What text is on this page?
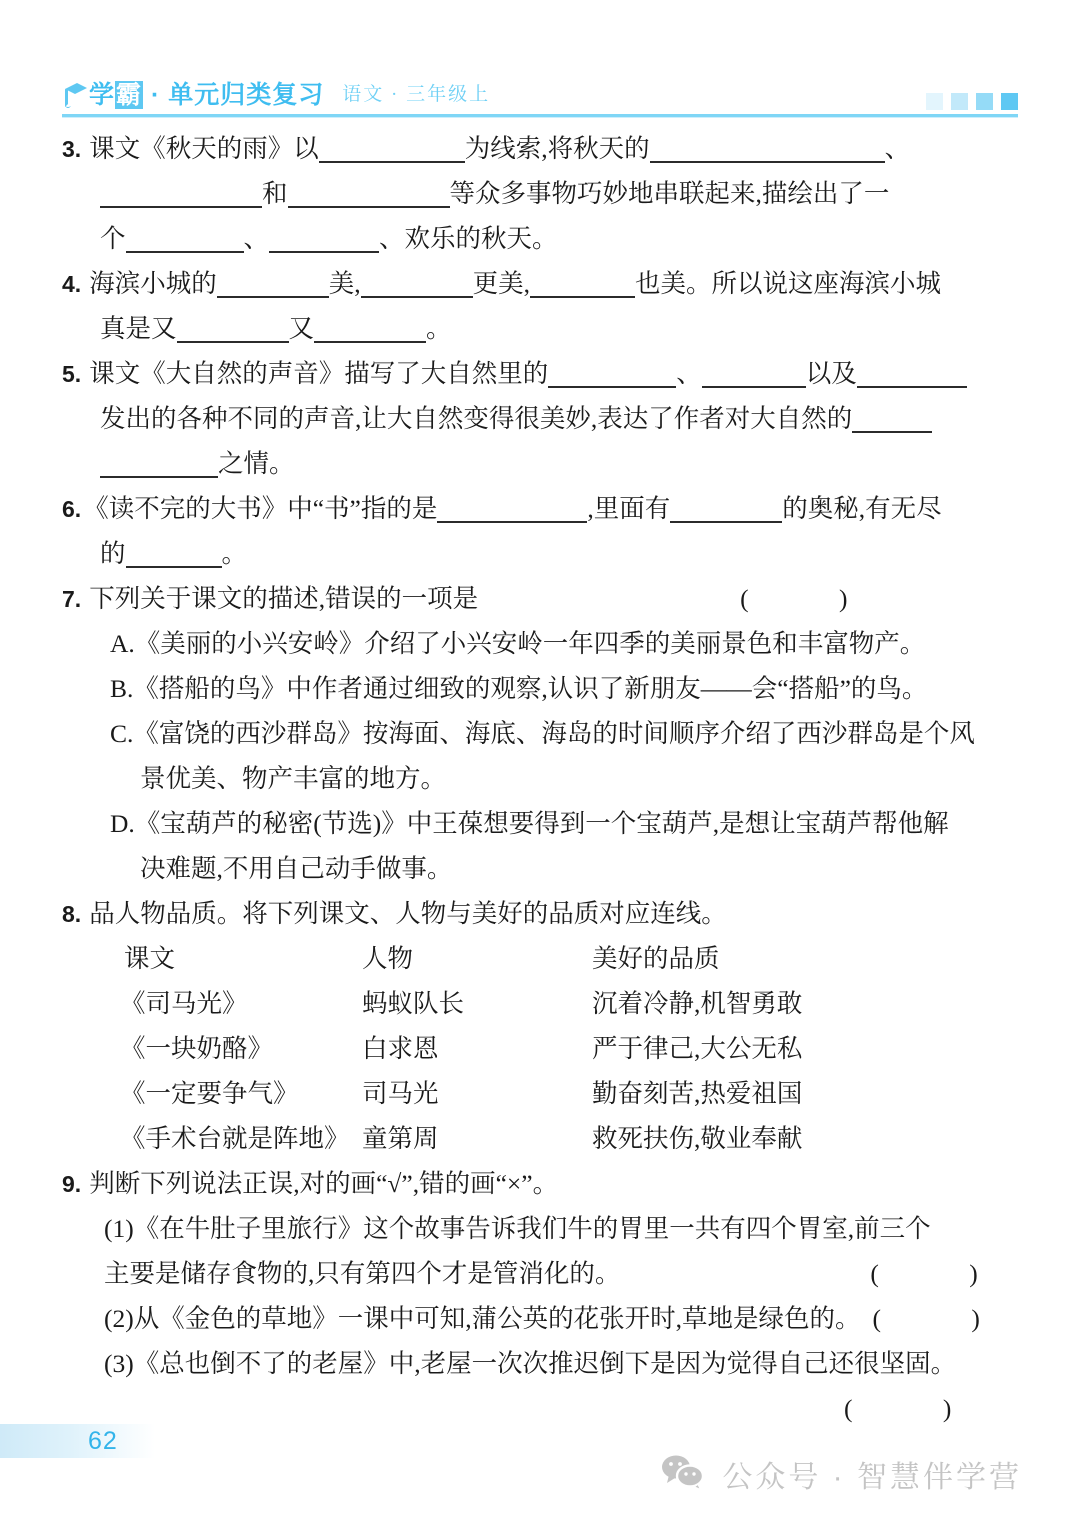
学霸 · 单元归类复习 语文 · 三年级上
3. 课文《秋天的雨》以	为线索,将秋天的	、
和	等众多事物巧妙地串联起来,描绘出了一
个	、	、欢乐的秋天。
4. 海滨小城的	美,	更美,	也美。所以说这座海滨小城
真是又	又	。
5. 课文《大自然的声音》描写了大自然里的	、	以及
发出的各种不同的声音,让大自然变得很美妙,表达了作者对大自然的
之情。
6.《读不完的大书》中“书”指的是	,里面有	的奥秘,有无尽
的	。
7. 下列关于课文的描述,错误的一项是	( )
A.《美丽的小兴安岭》介绍了小兴安岭一年四季的美丽景色和丰富物产。
B.《搭船的鸟》中作者通过细致的观察,认识了新朋友——会“搭船”的鸟。
C.《富饶的西沙群岛》按海面、海底、海岛的时间顺序介绍了西沙群岛是个风
景优美、物产丰富的地方。
D.《宝葫芦的秘密(节选)》中王葆想要得到一个宝葫芦,是想让宝葫芦帮他解
决难题,不用自己动手做事。
8. 品人物品质。将下列课文、人物与美好的品质对应连线。
课文	人物	美好的品质
《司马光》	蚂蚁队长	沉着冷静,机智勇敢
《一块奶酪》	白求恩	严于律己,大公无私
《一定要争气》	司马光	勤奋刻苦,热爱祖国
《手术台就是阵地》 童第周	救死扶伤,敬业奉献
9. 判断下列说法正误,对的画“√”,错的画“×”。
(1)《在牛肚子里旅行》这个故事告诉我们牛的胃里一共有四个胃室,前三个
主要是储存食物的,只有第四个才是管消化的。	( )
(2)从《金色的草地》一课中可知,蒲公英的花张开时,草地是绿色的。 ( )
(3)《总也倒不了的老屋》中,老屋一次次推迟倒下是因为觉得自己还很坚固。
( )
62
公众号 · 智慧伴学营
